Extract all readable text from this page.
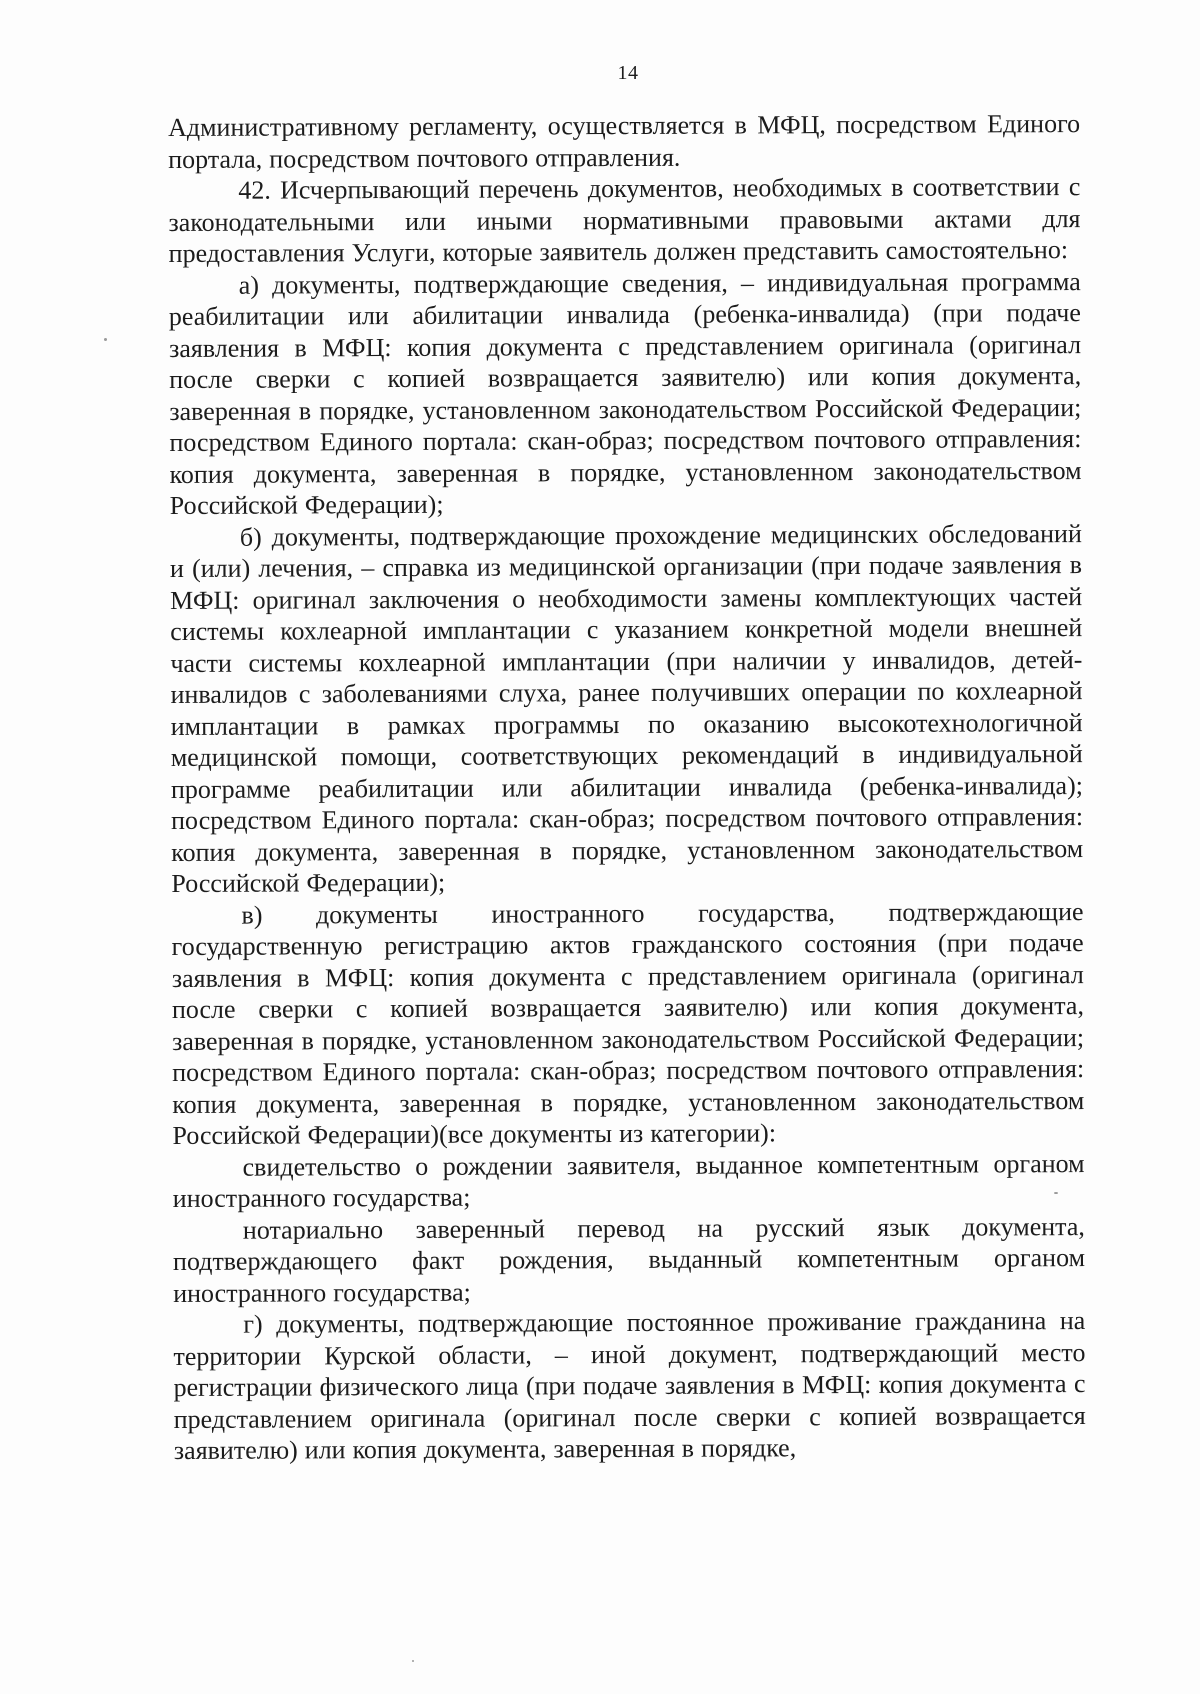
14

Административному регламенту, осуществляется в МФЦ, посредством Единого портала, посредством почтового отправления.

42. Исчерпывающий перечень документов, необходимых в соответствии с законодательными или иными нормативными правовыми актами для предоставления Услуги, которые заявитель должен представить самостоятельно:

а) документы, подтверждающие сведения, – индивидуальная программа реабилитации или абилитации инвалида (ребенка-инвалида) (при подаче заявления в МФЦ: копия документа с представлением оригинала (оригинал после сверки с копией возвращается заявителю) или копия документа, заверенная в порядке, установленном законодательством Российской Федерации; посредством Единого портала: скан-образ; посредством почтового отправления: копия документа, заверенная в порядке, установленном законодательством Российской Федерации);

б) документы, подтверждающие прохождение медицинских обследований и (или) лечения, – справка из медицинской организации (при подаче заявления в МФЦ: оригинал заключения о необходимости замены комплектующих частей системы кохлеарной имплантации с указанием конкретной модели внешней части системы кохлеарной имплантации (при наличии у инвалидов, детей-инвалидов с заболеваниями слуха, ранее получивших операции по кохлеарной имплантации в рамках программы по оказанию высокотехнологичной медицинской помощи, соответствующих рекомендаций в индивидуальной программе реабилитации или абилитации инвалида (ребенка-инвалида); посредством Единого портала: скан-образ; посредством почтового отправления: копия документа, заверенная в порядке, установленном законодательством Российской Федерации);

в) документы иностранного государства, подтверждающие государственную регистрацию актов гражданского состояния (при подаче заявления в МФЦ: копия документа с представлением оригинала (оригинал после сверки с копией возвращается заявителю) или копия документа, заверенная в порядке, установленном законодательством Российской Федерации; посредством Единого портала: скан-образ; посредством почтового отправления: копия документа, заверенная в порядке, установленном законодательством Российской Федерации)(все документы из категории):

свидетельство о рождении заявителя, выданное компетентным органом иностранного государства;

нотариально заверенный перевод на русский язык документа, подтверждающего факт рождения, выданный компетентным органом иностранного государства;

г) документы, подтверждающие постоянное проживание гражданина на территории Курской области, – иной документ, подтверждающий место регистрации физического лица (при подаче заявления в МФЦ: копия документа с представлением оригинала (оригинал после сверки с копией возвращается заявителю) или копия документа, заверенная в порядке,
